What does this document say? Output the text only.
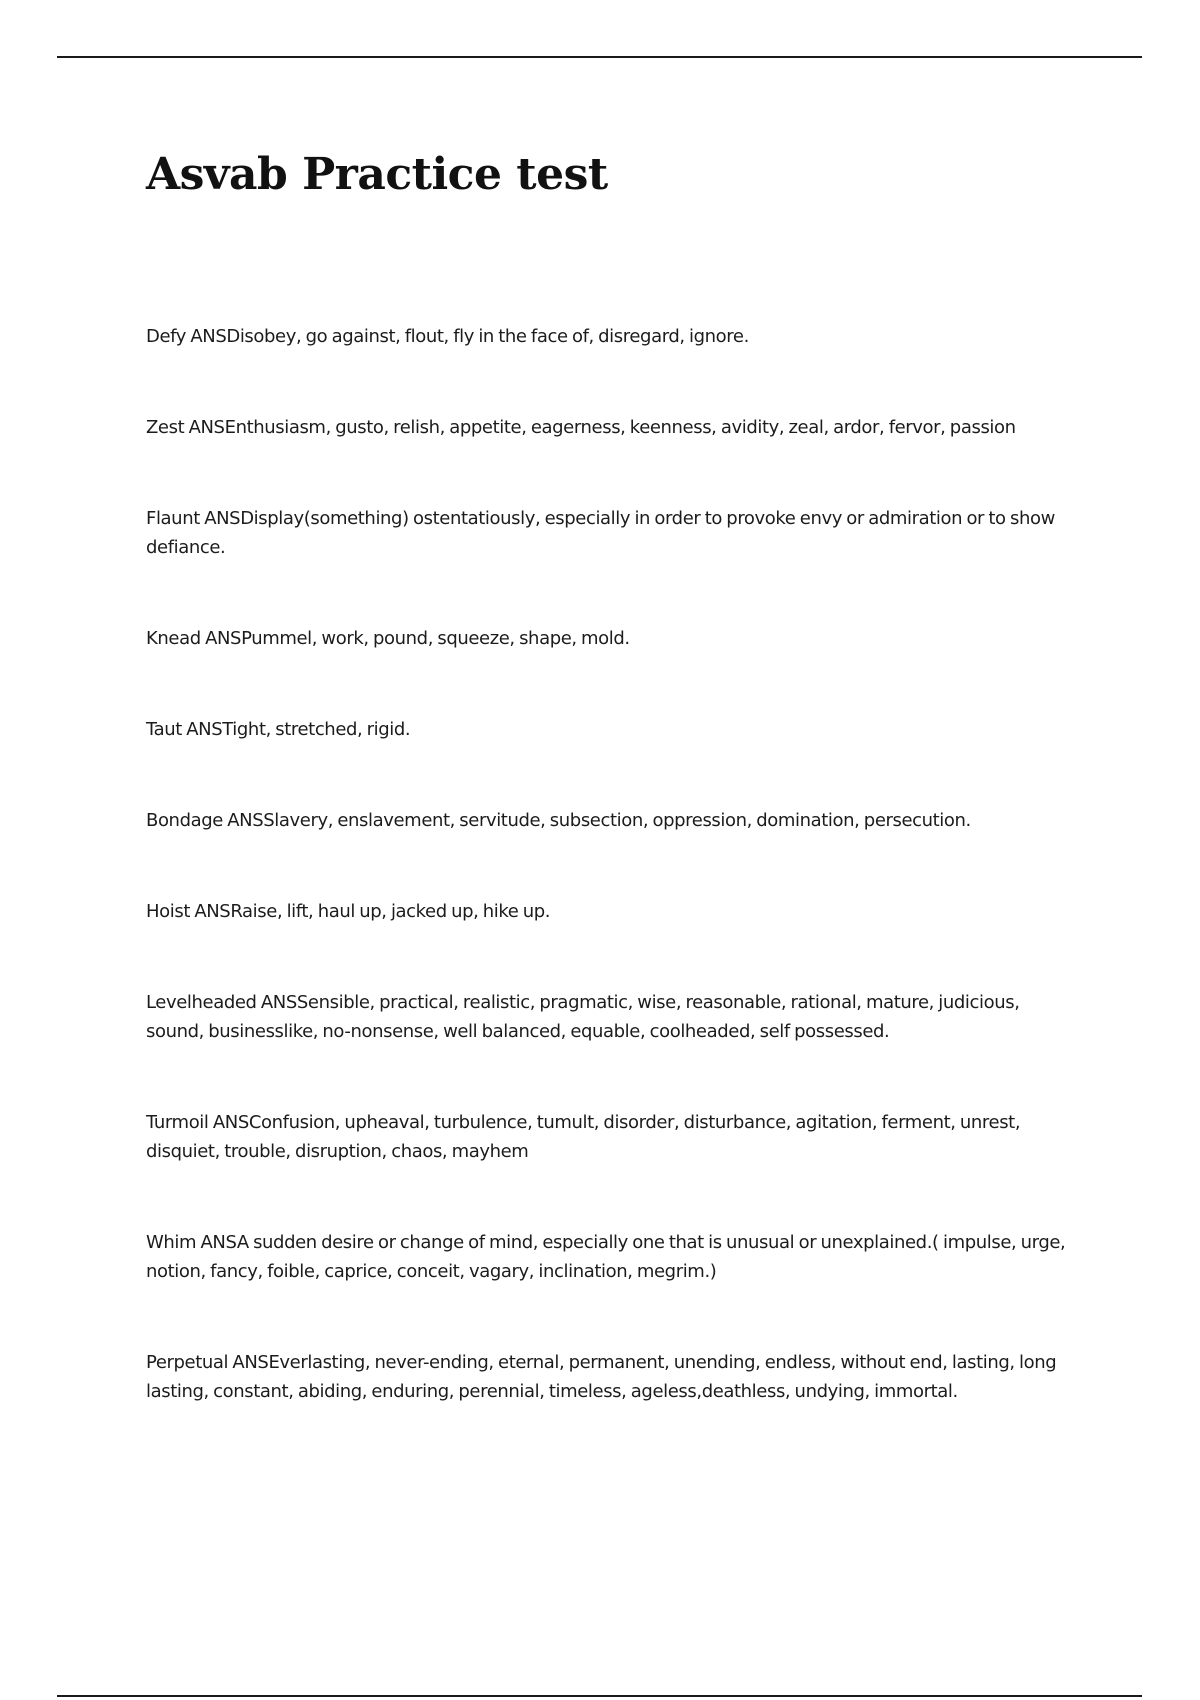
Asvab Practice test
Defy ANSDisobey, go against, flout, fly in the face of, disregard, ignore.
Zest ANSEnthusiasm, gusto, relish, appetite, eagerness, keenness, avidity, zeal, ardor, fervor, passion
Flaunt ANSDisplay(something) ostentatiously, especially in order to provoke envy or admiration or to show defiance.
Knead ANSPummel, work, pound, squeeze, shape, mold.
Taut ANSTight, stretched, rigid.
Bondage ANSSlavery, enslavement, servitude, subsection, oppression, domination, persecution.
Hoist ANSRaise, lift, haul up, jacked up, hike up.
Levelheaded ANSSensible, practical, realistic, pragmatic, wise, reasonable, rational, mature, judicious, sound, businesslike, no-nonsense, well balanced, equable, coolheaded, self possessed.
Turmoil ANSConfusion, upheaval, turbulence, tumult, disorder, disturbance, agitation, ferment, unrest, disquiet, trouble, disruption, chaos, mayhem
Whim ANSA sudden desire or change of mind, especially one that is unusual or unexplained.( impulse, urge, notion, fancy, foible, caprice, conceit, vagary, inclination, megrim.)
Perpetual ANSEverlasting, never-ending, eternal, permanent, unending, endless, without end, lasting, long lasting, constant, abiding, enduring, perennial, timeless, ageless,deathless, undying, immortal.
